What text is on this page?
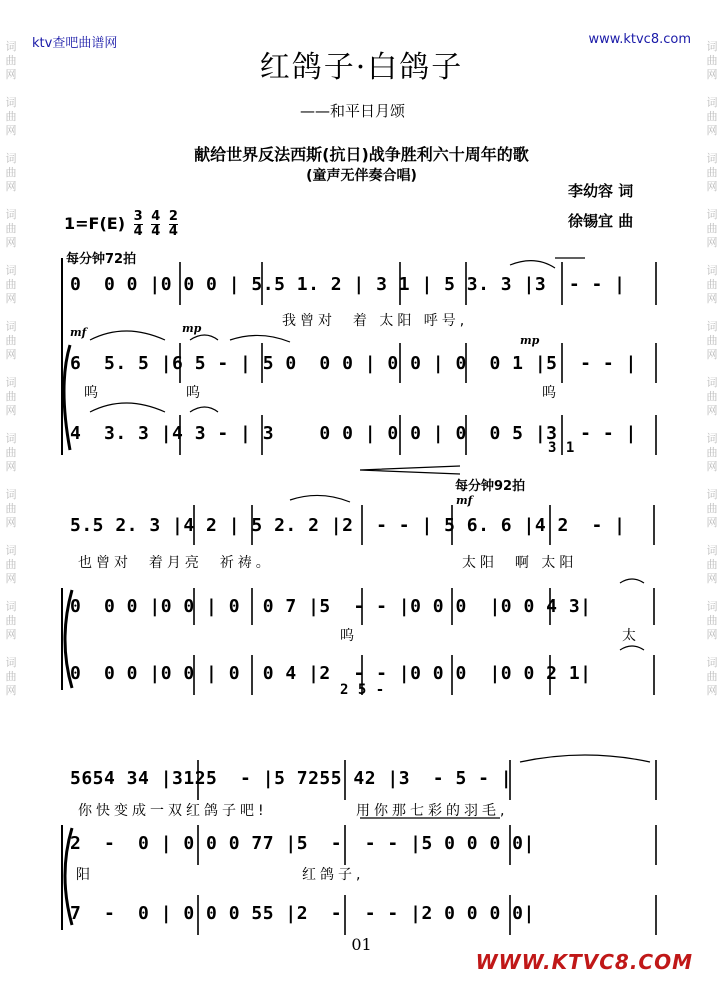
ktv查吧曲谱网	www.ktvc8.com
红鸽子·白鸽子
——和平日月颂
献给世界反法西斯(抗日)战争胜利六十周年的歌
(童声无伴奏合唱)
李幼容 词
徐锡宜 曲
$1=F(E) \frac{3}{4}$
$\frac{4}{4}$
$\frac{2}{4}$
每分钟72拍
每分钟92拍
mf	mp
mp
mf
0  0 0 |0 0 0 | 5.5 1. 2 | 3 1 | 5 3. 3 |3  - - |
我曾对  着 太阳 呼号,
6  5. 5 |6 5 - | 5 0  0 0 | 0 0 | 0  0 1 |5  - - |
呜	呜	呜
4  3. 3 |4 3 - | 3    0 0 | 0 0 | 0  0 5 |3  - - |
3 1
5.5 2. 3 |4 2 | 5 2. 2 |2  - - | 5 6. 6 |4 2  - |
也曾对  着月亮  祈祷。	太阳  啊 太阳
0  0 0 |0 0 | 0  0 7 |5  - - |0 0 0  |0 0 4 3|
呜	太
0  0 0 |0 0 | 0  0 4 |2  - - |0 0 0  |0 0 2 1|
2 5 -
5654 34 |3125  - |5 7255 42 |3  - 5 - |
你快变成一双红鸽子吧!	用你那七彩的羽毛,
2  -  0 | 0 0 0 77 |5  -  - - |5 0 0 0 0|
阳	红鸽子,
7  -  0 | 0 0 0 55 |2  -  - - |2 0 0 0 0|
01
WWW.KTVC8.COM
词曲网

词曲网

词曲网

词曲网

词曲网

词曲网

词曲网

词曲网

词曲网

词曲网

词曲网

词曲网
词曲网

词曲网

词曲网

词曲网

词曲网

词曲网

词曲网

词曲网

词曲网

词曲网

词曲网

词曲网
